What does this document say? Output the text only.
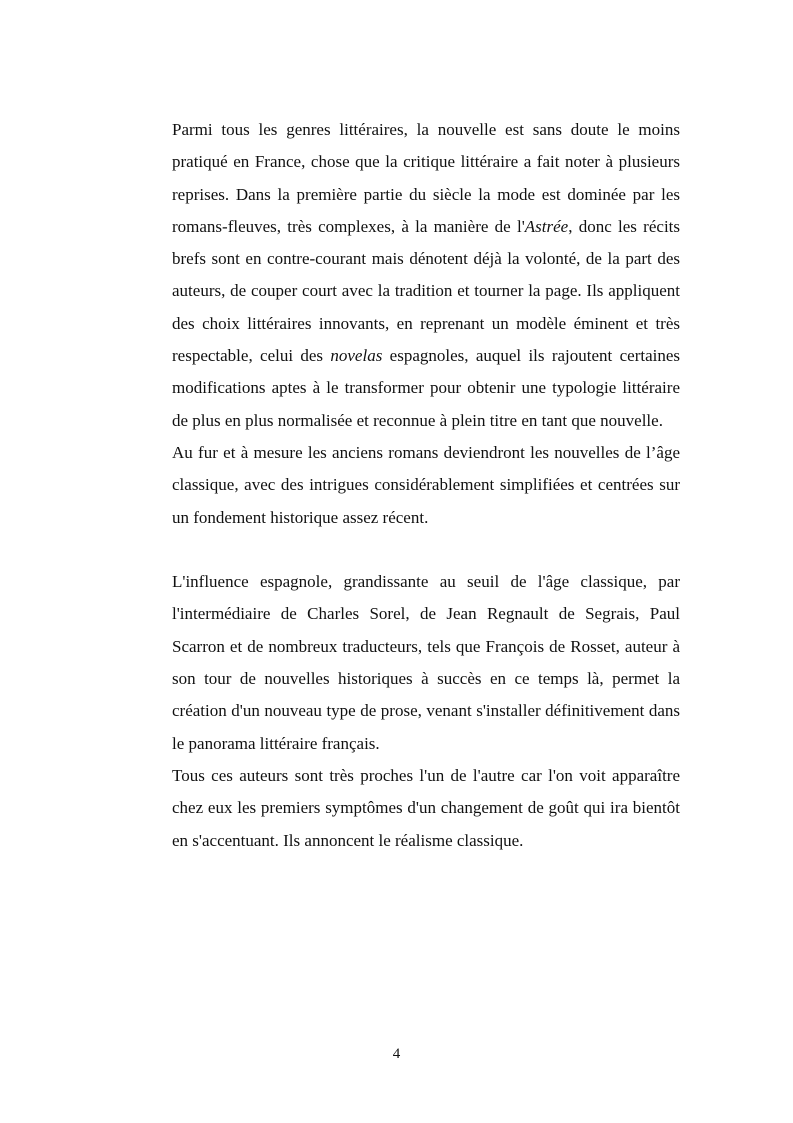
Parmi tous les genres littéraires, la nouvelle est sans doute le moins pratiqué en France, chose que la critique littéraire a fait noter à plusieurs reprises. Dans la première partie du siècle la mode est dominée par les romans-fleuves, très complexes, à la manière de l'Astrée, donc les récits brefs sont en contre-courant mais dénotent déjà la volonté, de la part des auteurs, de couper court avec la tradition et tourner la page. Ils appliquent des choix littéraires innovants, en reprenant un modèle éminent et très respectable, celui des novelas espagnoles, auquel ils rajoutent certaines modifications aptes à le transformer pour obtenir une typologie littéraire de plus en plus normalisée et reconnue à plein titre en tant que nouvelle.

Au fur et à mesure les anciens romans deviendront les nouvelles de l’âge classique, avec des intrigues considérablement simplifiées et centrées sur un fondement historique assez récent.

L'influence espagnole, grandissante au seuil de l'âge classique, par l'intermédiaire de Charles Sorel, de Jean Regnault de Segrais, Paul Scarron et de nombreux traducteurs, tels que François de Rosset, auteur à son tour de nouvelles historiques à succès en ce temps là, permet la création d'un nouveau type de prose, venant s'installer définitivement dans le panorama littéraire français.

Tous ces auteurs sont très proches l'un de l'autre car l'on voit apparaître chez eux les premiers symptômes d'un changement de goût qui ira bientôt en s'accentuant. Ils annoncent le réalisme classique.

4
